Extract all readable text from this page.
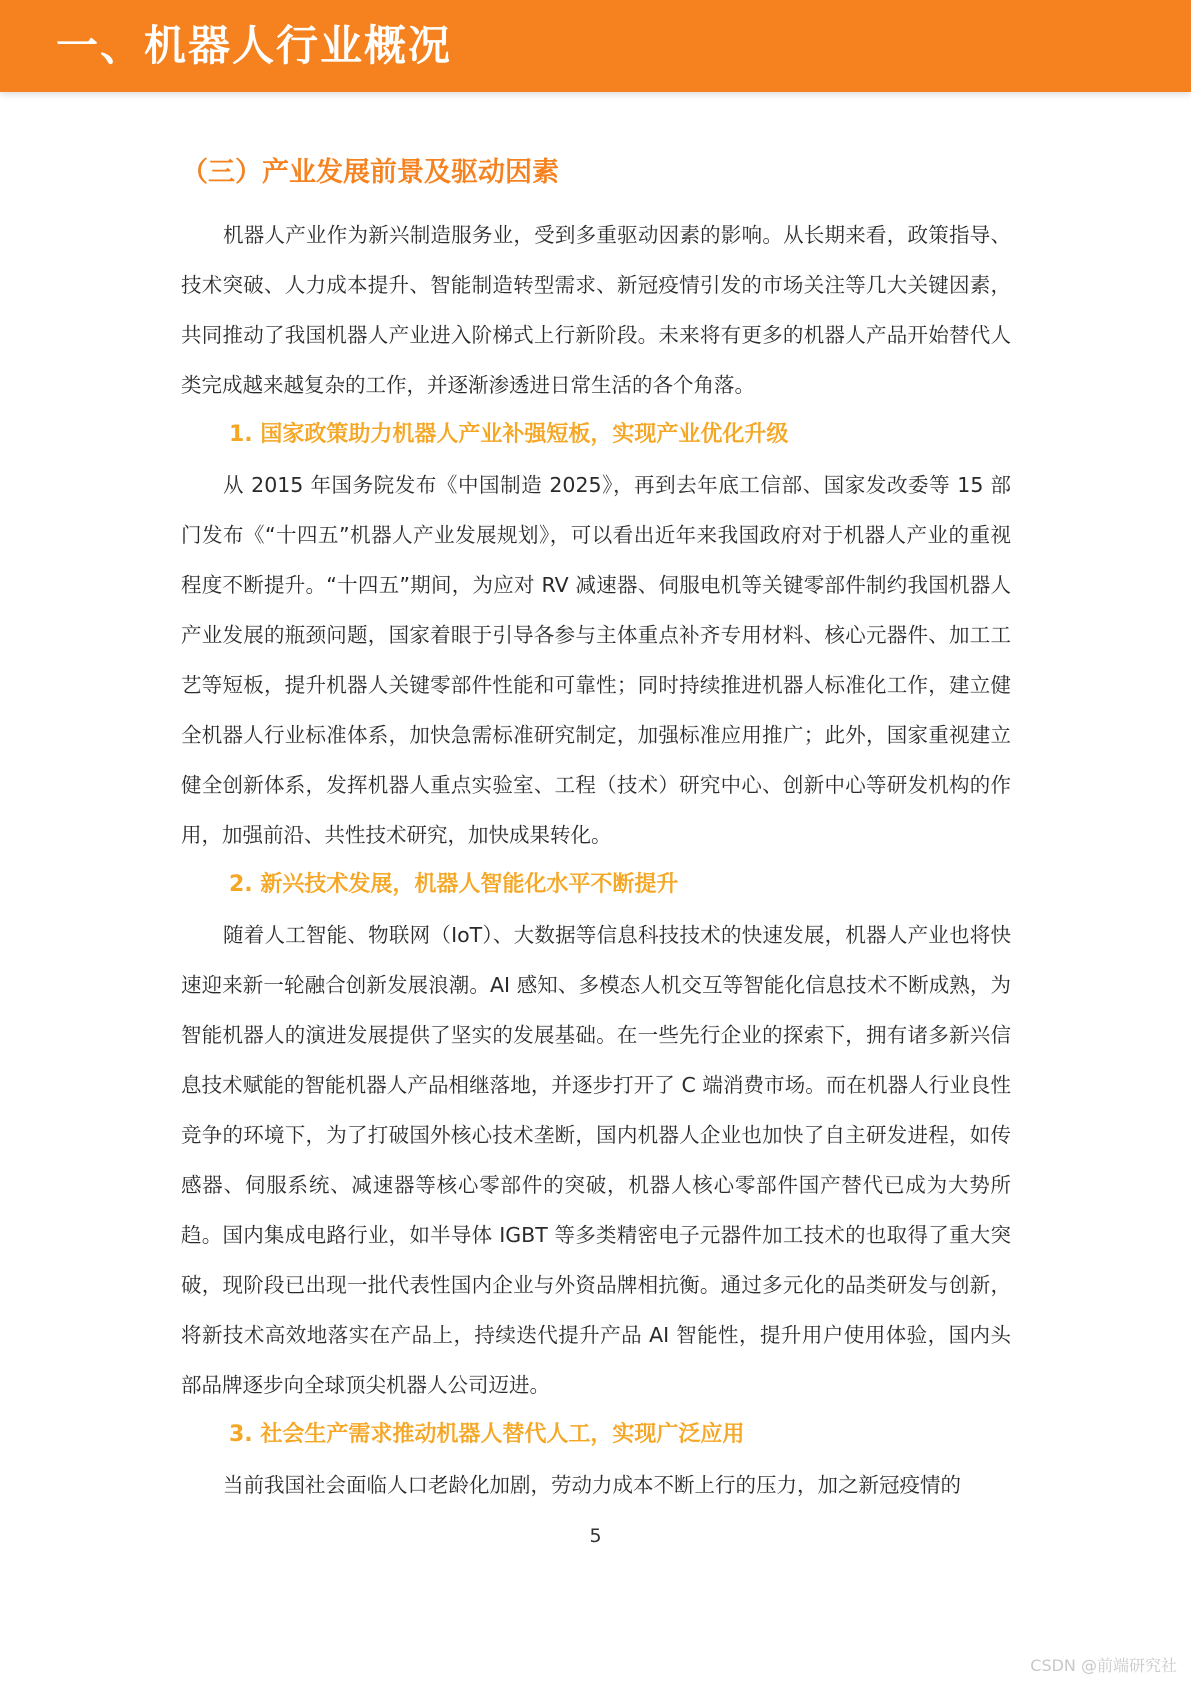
一、机器人行业概况
（三）产业发展前景及驱动因素

机器人产业作为新兴制造服务业，受到多重驱动因素的影响。从长期来看，政策指导、技术突破、人力成本提升、智能制造转型需求、新冠疫情引发的市场关注等几大关键因素，共同推动了我国机器人产业进入阶梯式上行新阶段。未来将有更多的机器人产品开始替代人类完成越来越复杂的工作，并逐渐渗透进日常生活的各个角落。

1. 国家政策助力机器人产业补强短板，实现产业优化升级

从 2015 年国务院发布《中国制造 2025》，再到去年底工信部、国家发改委等 15 部门发布《“十四五”机器人产业发展规划》，可以看出近年来我国政府对于机器人产业的重视程度不断提升。“十四五”期间，为应对 RV 减速器、伺服电机等关键零部件制约我国机器人产业发展的瓶颈问题，国家着眼于引导各参与主体重点补齐专用材料、核心元器件、加工工艺等短板，提升机器人关键零部件性能和可靠性；同时持续推进机器人标准化工作，建立健全机器人行业标准体系，加快急需标准研究制定，加强标准应用推广；此外，国家重视建立健全创新体系，发挥机器人重点实验室、工程（技术）研究中心、创新中心等研发机构的作用，加强前沿、共性技术研究，加快成果转化。

2. 新兴技术发展，机器人智能化水平不断提升

随着人工智能、物联网（IoT）、大数据等信息科技技术的快速发展，机器人产业也将快速迎来新一轮融合创新发展浪潮。AI 感知、多模态人机交互等智能化信息技术不断成熟，为智能机器人的演进发展提供了坚实的发展基础。在一些先行企业的探索下，拥有诸多新兴信息技术赋能的智能机器人产品相继落地，并逐步打开了 C 端消费市场。而在机器人行业良性竞争的环境下，为了打破国外核心技术垄断，国内机器人企业也加快了自主研发进程，如传感器、伺服系统、减速器等核心零部件的突破，机器人核心零部件国产替代已成为大势所趋。国内集成电路行业，如半导体 IGBT 等多类精密电子元器件加工技术的也取得了重大突破，现阶段已出现一批代表性国内企业与外资品牌相抗衡。通过多元化的品类研发与创新，将新技术高效地落实在产品上，持续迭代提升产品 AI 智能性，提升用户使用体验，国内头部品牌逐步向全球顶尖机器人公司迈进。

3. 社会生产需求推动机器人替代人工，实现广泛应用

当前我国社会面临人口老龄化加剧，劳动力成本不断上行的压力，加之新冠疫情的

5
CSDN @前端研究社
